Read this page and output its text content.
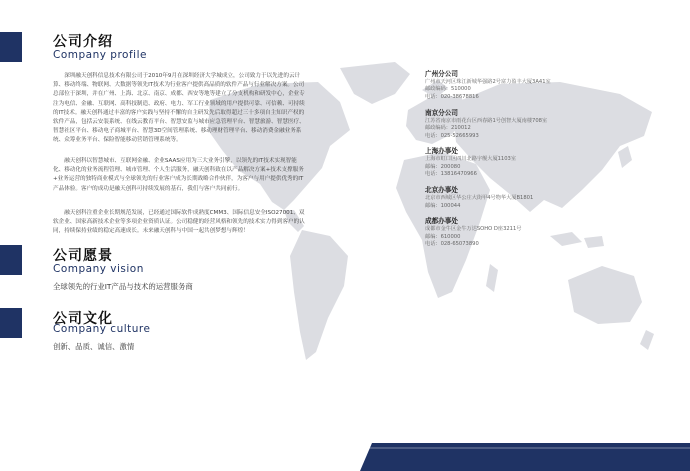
公司介绍
Company profile

深圳融天创科信息技术有限公司于2010年9月在深圳经济大学城成立，公司致力于以先进的云计算、移动终端、物联网、大数据等领先IT技术为行业客户提供高品质的软件产品与行业解决方案。公司总部位于深圳，并在广州、上海、北京、南京、成都、西安等地等建立了分支机构和研发中心，企业专注为电信、金融、互联网、高科技制造、政府、电力、军工行业领域的用户提供可靠、可信赖、可持续的IT技术。融天创科通过丰富的客户实践与坚持不懈的自主研发先后取得超过三十多项自主知识产权的软件产品，包括云安装系统、在线云教育平台、智慧安监与城市应急管理平台、智慧旅游、智慧医疗、智慧社区平台、移动电子商城平台、智慧3D空间管理系统、移动理财管理平台、移动消费金融业务系统、众筹业务平台、保险智能移动营销管理系统等。

融天创科以智慧城市、互联网金融、企业SAAS应用为三大业务引擎，以领先的IT技术实现智能化、移动化的业务流程管理、城市管理、个人生活服务，融天创科致在以产品解决方案+技术支撑服务+业务运营的独特商业模式与全球领先的行业客户成为长期战略合作伙伴，为客户与用户提供优秀的IT产品体验。客户的成功是融天创科可持续发展的基石，我们与客户共同前行。

融天创科注重企业长期规范发展，已经通过国际软件成熟度CMM3、国际信息安全ISO27001、双软企业、国家高新技术企业等多项企业资质认证。公司稳健的经营风格和领先的技术实力得到客户的认同，持续保持业绩的稳定高速成长。未来融天创科与中国一起共创梦想与辉煌！

公司愿景
Company vision
全球领先的行业IT产品与技术的运营服务商
公司文化
Company culture
创新、品质、诚信、激情
广州分公司
广州市天河区珠江新城华强路2号富力盈丰大厦3A41室
邮政编码：510000
电话：020-38678816
南京分公司
江苏省南京市雨花台区西春路1号创智大厦南楼708室
邮政编码：210012
电话：025-52665993
上海办事处
上海市虹口区四川北路宇舰大厦1103室
邮编：200080
电话：13816470966
北京办事处
北京市西城区华公庄大街甲4号物华大厦B1801
邮编：100044
成都办事处
成都市金牛区金牛万达SOHO D座3211号
邮编：610000
电话：028-65073890
